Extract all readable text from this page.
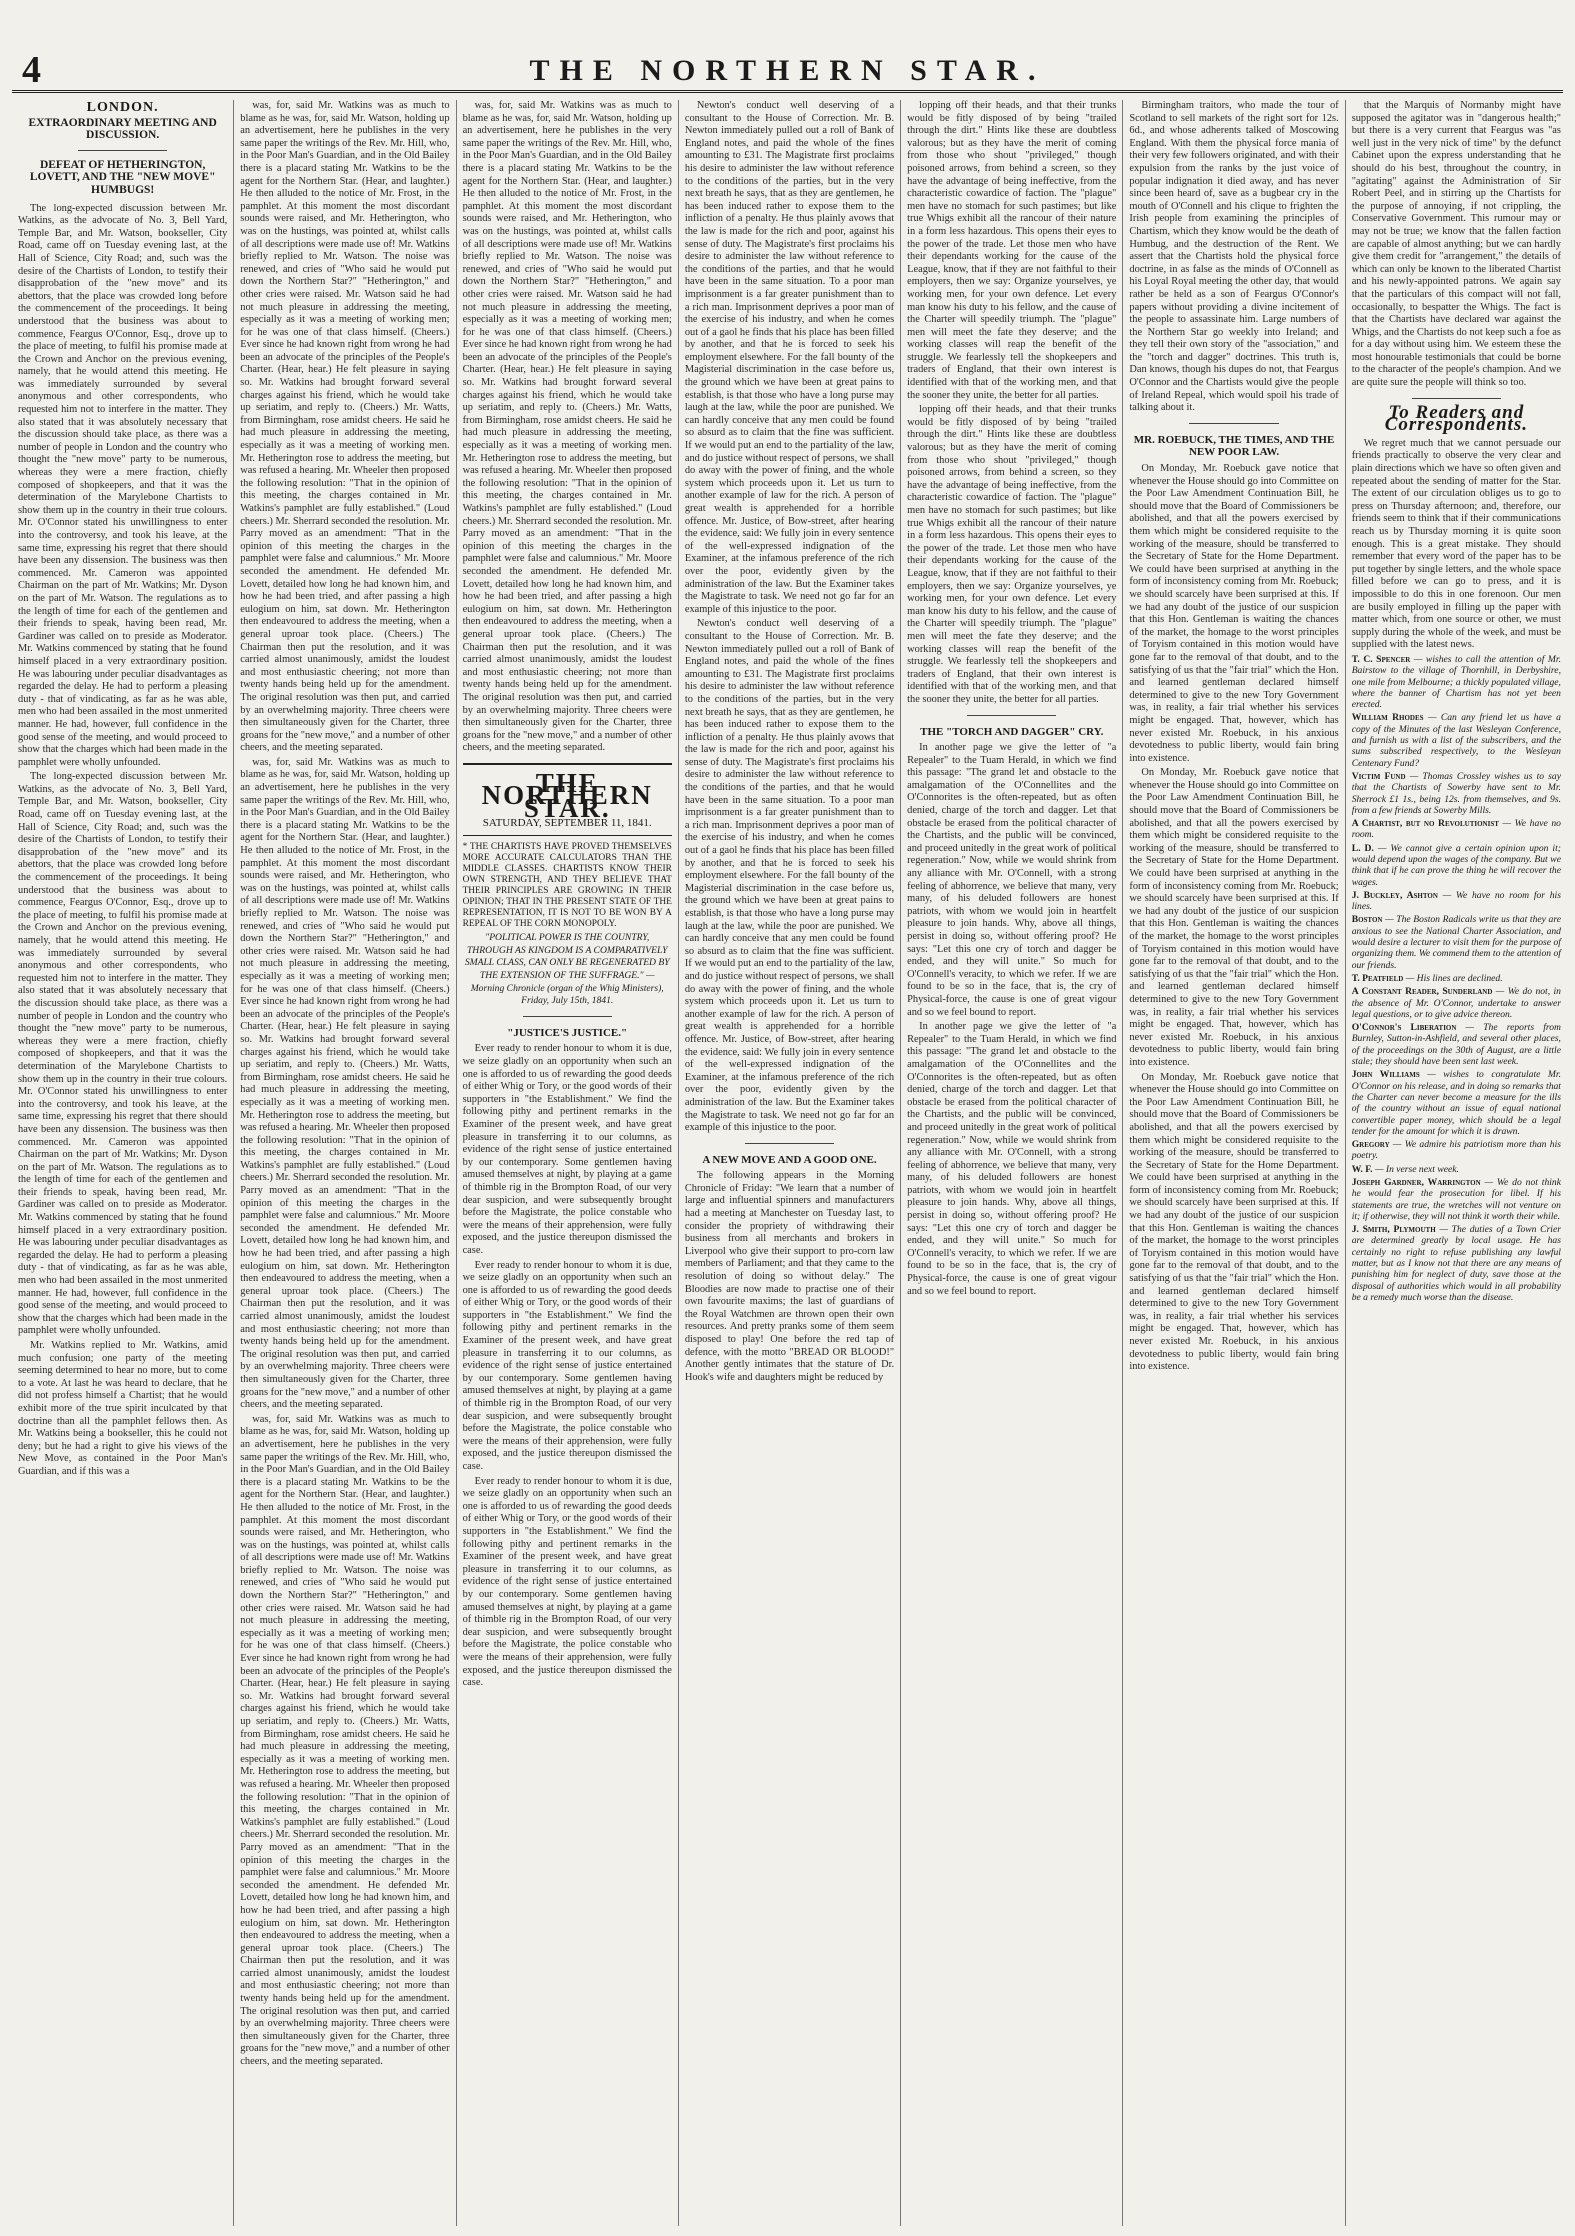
4	THE NORTHERN STAR.
LONDON.
EXTRAORDINARY MEETING AND DISCUSSION.
DEFEAT OF HETHERINGTON, LOVETT, AND THE "NEW MOVE" HUMBUGS!

The long-expected discussion between Mr. Watkins, as the advocate of No. 3, Bell Yard, Temple Bar, and Mr. Watson, bookseller, City Road, came off on Tuesday evening last, at the Hall of Science, City Road; and, such was the desire of the Chartists of London, to testify their disapprobation of the "new move" and its abettors, that the place was crowded long before the commencement of the proceedings. It being understood that the business was about to commence, Feargus O'Connor, Esq., drove up to the place of meeting, to fulfil his promise made at the Crown and Anchor on the previous evening, namely, that he would attend this meeting. He was immediately surrounded by several anonymous and other correspondents, who requested him not to interfere in the matter. They also stated that it was absolutely necessary that the discussion should take place, as there was a number of people in London and the country who thought the "new move" party to be numerous, whereas they were a mere fraction, chiefly composed of shopkeepers, and that it was the determination of the Marylebone Chartists to show them up in the country in their true colours. Mr. O'Connor stated his unwillingness to enter into the controversy, and took his leave, at the same time, expressing his regret that there should have been any dissension. The business was then commenced. Mr. Cameron was appointed Chairman on the part of Mr. Watkins; Mr. Dyson on the part of Mr. Watson. The regulations as to the length of time for each of the gentlemen and their friends to speak, having been read, Mr. Gardiner was called on to preside as Moderator. Mr. Watkins commenced by stating that he found himself placed in a very extraordinary position. He was labouring under peculiar disadvantages as regarded the delay. He had to perform a pleasing duty - that of vindicating, as far as he was able, men who had been assailed in the most unmerited manner. He had, however, full confidence in the good sense of the meeting, and would proceed to show that the charges which had been made in the pamphlet were wholly unfounded.

The long-expected discussion between Mr. Watkins, as the advocate of No. 3, Bell Yard, Temple Bar, and Mr. Watson, bookseller, City Road, came off on Tuesday evening last, at the Hall of Science, City Road; and, such was the desire of the Chartists of London, to testify their disapprobation of the "new move" and its abettors, that the place was crowded long before the commencement of the proceedings. It being understood that the business was about to commence, Feargus O'Connor, Esq., drove up to the place of meeting, to fulfil his promise made at the Crown and Anchor on the previous evening, namely, that he would attend this meeting. He was immediately surrounded by several anonymous and other correspondents, who requested him not to interfere in the matter. They also stated that it was absolutely necessary that the discussion should take place, as there was a number of people in London and the country who thought the "new move" party to be numerous, whereas they were a mere fraction, chiefly composed of shopkeepers, and that it was the determination of the Marylebone Chartists to show them up in the country in their true colours. Mr. O'Connor stated his unwillingness to enter into the controversy, and took his leave, at the same time, expressing his regret that there should have been any dissension. The business was then commenced. Mr. Cameron was appointed Chairman on the part of Mr. Watkins; Mr. Dyson on the part of Mr. Watson. The regulations as to the length of time for each of the gentlemen and their friends to speak, having been read, Mr. Gardiner was called on to preside as Moderator. Mr. Watkins commenced by stating that he found himself placed in a very extraordinary position. He was labouring under peculiar disadvantages as regarded the delay. He had to perform a pleasing duty - that of vindicating, as far as he was able, men who had been assailed in the most unmerited manner. He had, however, full confidence in the good sense of the meeting, and would proceed to show that the charges which had been made in the pamphlet were wholly unfounded.

Mr. Watkins replied to Mr. Watkins, amid much confusion; one party of the meeting seeming determined to hear no more, but to come to a vote. At last he was heard to declare, that he did not profess himself a Chartist; that he would exhibit more of the true spirit inculcated by that doctrine than all the pamphlet fellows then. As Mr. Watkins being a bookseller, this he could not deny; but he had a right to give his views of the New Move, as contained in the Poor Man's Guardian, and if this was a

was, for, said Mr. Watkins was as much to blame as he was, for, said Mr. Watson, holding up an advertisement, here he publishes in the very same paper the writings of the Rev. Mr. Hill, who, in the Poor Man's Guardian, and in the Old Bailey there is a placard stating Mr. Watkins to be the agent for the Northern Star. (Hear, and laughter.) He then alluded to the notice of Mr. Frost, in the pamphlet. At this moment the most discordant sounds were raised, and Mr. Hetherington, who was on the hustings, was pointed at, whilst calls of all descriptions were made use of! Mr. Watkins briefly replied to Mr. Watson. The noise was renewed, and cries of "Who said he would put down the Northern Star?" "Hetherington," and other cries were raised. Mr. Watson said he had not much pleasure in addressing the meeting, especially as it was a meeting of working men; for he was one of that class himself. (Cheers.) Ever since he had known right from wrong he had been an advocate of the principles of the People's Charter. (Hear, hear.) He felt pleasure in saying so. Mr. Watkins had brought forward several charges against his friend, which he would take up seriatim, and reply to. (Cheers.) Mr. Watts, from Birmingham, rose amidst cheers. He said he had much pleasure in addressing the meeting, especially as it was a meeting of working men. Mr. Hetherington rose to address the meeting, but was refused a hearing. Mr. Wheeler then proposed the following resolution: "That in the opinion of this meeting, the charges contained in Mr. Watkins's pamphlet are fully established." (Loud cheers.) Mr. Sherrard seconded the resolution. Mr. Parry moved as an amendment: "That in the opinion of this meeting the charges in the pamphlet were false and calumnious." Mr. Moore seconded the amendment. He defended Mr. Lovett, detailed how long he had known him, and how he had been tried, and after passing a high eulogium on him, sat down. Mr. Hetherington then endeavoured to address the meeting, when a general uproar took place. (Cheers.) The Chairman then put the resolution, and it was carried almost unanimously, amidst the loudest and most enthusiastic cheering; not more than twenty hands being held up for the amendment. The original resolution was then put, and carried by an overwhelming majority. Three cheers were then simultaneously given for the Charter, three groans for the "new move," and a number of other cheers, and the meeting separated.

was, for, said Mr. Watkins was as much to blame as he was, for, said Mr. Watson, holding up an advertisement, here he publishes in the very same paper the writings of the Rev. Mr. Hill, who, in the Poor Man's Guardian, and in the Old Bailey there is a placard stating Mr. Watkins to be the agent for the Northern Star. (Hear, and laughter.) He then alluded to the notice of Mr. Frost, in the pamphlet. At this moment the most discordant sounds were raised, and Mr. Hetherington, who was on the hustings, was pointed at, whilst calls of all descriptions were made use of! Mr. Watkins briefly replied to Mr. Watson. The noise was renewed, and cries of "Who said he would put down the Northern Star?" "Hetherington," and other cries were raised. Mr. Watson said he had not much pleasure in addressing the meeting, especially as it was a meeting of working men; for he was one of that class himself. (Cheers.) Ever since he had known right from wrong he had been an advocate of the principles of the People's Charter. (Hear, hear.) He felt pleasure in saying so. Mr. Watkins had brought forward several charges against his friend, which he would take up seriatim, and reply to. (Cheers.) Mr. Watts, from Birmingham, rose amidst cheers. He said he had much pleasure in addressing the meeting, especially as it was a meeting of working men. Mr. Hetherington rose to address the meeting, but was refused a hearing. Mr. Wheeler then proposed the following resolution: "That in the opinion of this meeting, the charges contained in Mr. Watkins's pamphlet are fully established." (Loud cheers.) Mr. Sherrard seconded the resolution. Mr. Parry moved as an amendment: "That in the opinion of this meeting the charges in the pamphlet were false and calumnious." Mr. Moore seconded the amendment. He defended Mr. Lovett, detailed how long he had known him, and how he had been tried, and after passing a high eulogium on him, sat down. Mr. Hetherington then endeavoured to address the meeting, when a general uproar took place. (Cheers.) The Chairman then put the resolution, and it was carried almost unanimously, amidst the loudest and most enthusiastic cheering; not more than twenty hands being held up for the amendment. The original resolution was then put, and carried by an overwhelming majority. Three cheers were then simultaneously given for the Charter, three groans for the "new move," and a number of other cheers, and the meeting separated.

was, for, said Mr. Watkins was as much to blame as he was, for, said Mr. Watson, holding up an advertisement, here he publishes in the very same paper the writings of the Rev. Mr. Hill, who, in the Poor Man's Guardian, and in the Old Bailey there is a placard stating Mr. Watkins to be the agent for the Northern Star. (Hear, and laughter.) He then alluded to the notice of Mr. Frost, in the pamphlet. At this moment the most discordant sounds were raised, and Mr. Hetherington, who was on the hustings, was pointed at, whilst calls of all descriptions were made use of! Mr. Watkins briefly replied to Mr. Watson. The noise was renewed, and cries of "Who said he would put down the Northern Star?" "Hetherington," and other cries were raised. Mr. Watson said he had not much pleasure in addressing the meeting, especially as it was a meeting of working men; for he was one of that class himself. (Cheers.) Ever since he had known right from wrong he had been an advocate of the principles of the People's Charter. (Hear, hear.) He felt pleasure in saying so. Mr. Watkins had brought forward several charges against his friend, which he would take up seriatim, and reply to. (Cheers.) Mr. Watts, from Birmingham, rose amidst cheers. He said he had much pleasure in addressing the meeting, especially as it was a meeting of working men. Mr. Hetherington rose to address the meeting, but was refused a hearing. Mr. Wheeler then proposed the following resolution: "That in the opinion of this meeting, the charges contained in Mr. Watkins's pamphlet are fully established." (Loud cheers.) Mr. Sherrard seconded the resolution. Mr. Parry moved as an amendment: "That in the opinion of this meeting the charges in the pamphlet were false and calumnious." Mr. Moore seconded the amendment. He defended Mr. Lovett, detailed how long he had known him, and how he had been tried, and after passing a high eulogium on him, sat down. Mr. Hetherington then endeavoured to address the meeting, when a general uproar took place. (Cheers.) The Chairman then put the resolution, and it was carried almost unanimously, amidst the loudest and most enthusiastic cheering; not more than twenty hands being held up for the amendment. The original resolution was then put, and carried by an overwhelming majority. Three cheers were then simultaneously given for the Charter, three groans for the "new move," and a number of other cheers, and the meeting separated.

was, for, said Mr. Watkins was as much to blame as he was, for, said Mr. Watson, holding up an advertisement, here he publishes in the very same paper the writings of the Rev. Mr. Hill, who, in the Poor Man's Guardian, and in the Old Bailey there is a placard stating Mr. Watkins to be the agent for the Northern Star. (Hear, and laughter.) He then alluded to the notice of Mr. Frost, in the pamphlet. At this moment the most discordant sounds were raised, and Mr. Hetherington, who was on the hustings, was pointed at, whilst calls of all descriptions were made use of! Mr. Watkins briefly replied to Mr. Watson. The noise was renewed, and cries of "Who said he would put down the Northern Star?" "Hetherington," and other cries were raised. Mr. Watson said he had not much pleasure in addressing the meeting, especially as it was a meeting of working men; for he was one of that class himself. (Cheers.) Ever since he had known right from wrong he had been an advocate of the principles of the People's Charter. (Hear, hear.) He felt pleasure in saying so. Mr. Watkins had brought forward several charges against his friend, which he would take up seriatim, and reply to. (Cheers.) Mr. Watts, from Birmingham, rose amidst cheers. He said he had much pleasure in addressing the meeting, especially as it was a meeting of working men. Mr. Hetherington rose to address the meeting, but was refused a hearing. Mr. Wheeler then proposed the following resolution: "That in the opinion of this meeting, the charges contained in Mr. Watkins's pamphlet are fully established." (Loud cheers.) Mr. Sherrard seconded the resolution. Mr. Parry moved as an amendment: "That in the opinion of this meeting the charges in the pamphlet were false and calumnious." Mr. Moore seconded the amendment. He defended Mr. Lovett, detailed how long he had known him, and how he had been tried, and after passing a high eulogium on him, sat down. Mr. Hetherington then endeavoured to address the meeting, when a general uproar took place. (Cheers.) The Chairman then put the resolution, and it was carried almost unanimously, amidst the loudest and most enthusiastic cheering; not more than twenty hands being held up for the amendment. The original resolution was then put, and carried by an overwhelming majority. Three cheers were then simultaneously given for the Charter, three groans for the "new move," and a number of other cheers, and the meeting separated.

THE NORTHERN STAR.
SATURDAY, SEPTEMBER 11, 1841.

* THE CHARTISTS HAVE PROVED THEMSELVES MORE ACCURATE CALCULATORS THAN THE MIDDLE CLASSES. CHARTISTS KNOW THEIR OWN STRENGTH, AND THEY BELIEVE THAT THEIR PRINCIPLES ARE GROWING IN THEIR OPINION; THAT IN THE PRESENT STATE OF THE REPRESENTATION, IT IS NOT TO BE WON BY A REPEAL OF THE CORN MONOPOLY.

"POLITICAL POWER IS THE COUNTRY, THROUGH AS KINGDOM IS A COMPARATIVELY SMALL CLASS, CAN ONLY BE REGENERATED BY THE EXTENSION OF THE SUFFRAGE." — Morning Chronicle (organ of the Whig Ministers), Friday, July 15th, 1841.

"JUSTICE'S JUSTICE."

Ever ready to render honour to whom it is due, we seize gladly on an opportunity when such an one is afforded to us of rewarding the good deeds of either Whig or Tory, or the good words of their supporters in "the Establishment." We find the following pithy and pertinent remarks in the Examiner of the present week, and have great pleasure in transferring it to our columns, as evidence of the right sense of justice entertained by our contemporary. Some gentlemen having amused themselves at night, by playing at a game of thimble rig in the Brompton Road, of our very dear suspicion, and were subsequently brought before the Magistrate, the police constable who were the means of their apprehension, were fully exposed, and the justice thereupon dismissed the case.

Ever ready to render honour to whom it is due, we seize gladly on an opportunity when such an one is afforded to us of rewarding the good deeds of either Whig or Tory, or the good words of their supporters in "the Establishment." We find the following pithy and pertinent remarks in the Examiner of the present week, and have great pleasure in transferring it to our columns, as evidence of the right sense of justice entertained by our contemporary. Some gentlemen having amused themselves at night, by playing at a game of thimble rig in the Brompton Road, of our very dear suspicion, and were subsequently brought before the Magistrate, the police constable who were the means of their apprehension, were fully exposed, and the justice thereupon dismissed the case.

Ever ready to render honour to whom it is due, we seize gladly on an opportunity when such an one is afforded to us of rewarding the good deeds of either Whig or Tory, or the good words of their supporters in "the Establishment." We find the following pithy and pertinent remarks in the Examiner of the present week, and have great pleasure in transferring it to our columns, as evidence of the right sense of justice entertained by our contemporary. Some gentlemen having amused themselves at night, by playing at a game of thimble rig in the Brompton Road, of our very dear suspicion, and were subsequently brought before the Magistrate, the police constable who were the means of their apprehension, were fully exposed, and the justice thereupon dismissed the case.

Newton's conduct well deserving of a consultant to the House of Correction. Mr. B. Newton immediately pulled out a roll of Bank of England notes, and paid the whole of the fines amounting to £31. The Magistrate first proclaims his desire to administer the law without reference to the conditions of the parties, but in the very next breath he says, that as they are gentlemen, he has been induced rather to expose them to the infliction of a penalty. He thus plainly avows that the law is made for the rich and poor, against his sense of duty. The Magistrate's first proclaims his desire to administer the law without reference to the conditions of the parties, and that he would have been in the same situation. To a poor man imprisonment is a far greater punishment than to a rich man. Imprisonment deprives a poor man of the exercise of his industry, and when he comes out of a gaol he finds that his place has been filled by another, and that he is forced to seek his employment elsewhere. For the fall bounty of the Magisterial discrimination in the case before us, the ground which we have been at great pains to establish, is that those who have a long purse may laugh at the law, while the poor are punished. We can hardly conceive that any men could be found so absurd as to claim that the fine was sufficient. If we would put an end to the partiality of the law, and do justice without respect of persons, we shall do away with the power of fining, and the whole system which proceeds upon it. Let us turn to another example of law for the rich. A person of great wealth is apprehended for a horrible offence. Mr. Justice, of Bow-street, after hearing the evidence, said: We fully join in every sentence of the well-expressed indignation of the Examiner, at the infamous preference of the rich over the poor, evidently given by the administration of the law. But the Examiner takes the Magistrate to task. We need not go far for an example of this injustice to the poor.

Newton's conduct well deserving of a consultant to the House of Correction. Mr. B. Newton immediately pulled out a roll of Bank of England notes, and paid the whole of the fines amounting to £31. The Magistrate first proclaims his desire to administer the law without reference to the conditions of the parties, but in the very next breath he says, that as they are gentlemen, he has been induced rather to expose them to the infliction of a penalty. He thus plainly avows that the law is made for the rich and poor, against his sense of duty. The Magistrate's first proclaims his desire to administer the law without reference to the conditions of the parties, and that he would have been in the same situation. To a poor man imprisonment is a far greater punishment than to a rich man. Imprisonment deprives a poor man of the exercise of his industry, and when he comes out of a gaol he finds that his place has been filled by another, and that he is forced to seek his employment elsewhere. For the fall bounty of the Magisterial discrimination in the case before us, the ground which we have been at great pains to establish, is that those who have a long purse may laugh at the law, while the poor are punished. We can hardly conceive that any men could be found so absurd as to claim that the fine was sufficient. If we would put an end to the partiality of the law, and do justice without respect of persons, we shall do away with the power of fining, and the whole system which proceeds upon it. Let us turn to another example of law for the rich. A person of great wealth is apprehended for a horrible offence. Mr. Justice, of Bow-street, after hearing the evidence, said: We fully join in every sentence of the well-expressed indignation of the Examiner, at the infamous preference of the rich over the poor, evidently given by the administration of the law. But the Examiner takes the Magistrate to task. We need not go far for an example of this injustice to the poor.

A NEW MOVE AND A GOOD ONE.

The following appears in the Morning Chronicle of Friday: "We learn that a number of large and influential spinners and manufacturers had a meeting at Manchester on Tuesday last, to consider the propriety of withdrawing their business from all merchants and brokers in Liverpool who give their support to pro-corn law members of Parliament; and that they came to the resolution of doing so without delay." The Bloodies are now made to practise one of their own favourite maxims; the last of guardians of the Royal Watchmen are thrown open their own resources. And pretty pranks some of them seem disposed to play! One before the red tap of defence, with the motto "BREAD OR BLOOD!" Another gently intimates that the stature of Dr. Hook's wife and daughters might be reduced by

lopping off their heads, and that their trunks would be fitly disposed of by being "trailed through the dirt." Hints like these are doubtless valorous; but as they have the merit of coming from those who shout "privileged," though poisoned arrows, from behind a screen, so they have the advantage of being ineffective, from the characteristic cowardice of faction. The "plague" men have no stomach for such pastimes; but like true Whigs exhibit all the rancour of their nature in a form less hazardous. This opens their eyes to the power of the trade. Let those men who have their dependants working for the cause of the League, know, that if they are not faithful to their employers, then we say: Organize yourselves, ye working men, for your own defence. Let every man know his duty to his fellow, and the cause of the Charter will speedily triumph. The "plague" men will meet the fate they deserve; and the working classes will reap the benefit of the struggle. We fearlessly tell the shopkeepers and traders of England, that their own interest is identified with that of the working men, and that the sooner they unite, the better for all parties.

lopping off their heads, and that their trunks would be fitly disposed of by being "trailed through the dirt." Hints like these are doubtless valorous; but as they have the merit of coming from those who shout "privileged," though poisoned arrows, from behind a screen, so they have the advantage of being ineffective, from the characteristic cowardice of faction. The "plague" men have no stomach for such pastimes; but like true Whigs exhibit all the rancour of their nature in a form less hazardous. This opens their eyes to the power of the trade. Let those men who have their dependants working for the cause of the League, know, that if they are not faithful to their employers, then we say: Organize yourselves, ye working men, for your own defence. Let every man know his duty to his fellow, and the cause of the Charter will speedily triumph. The "plague" men will meet the fate they deserve; and the working classes will reap the benefit of the struggle. We fearlessly tell the shopkeepers and traders of England, that their own interest is identified with that of the working men, and that the sooner they unite, the better for all parties.

THE "TORCH AND DAGGER" CRY.

In another page we give the letter of "a Repealer" to the Tuam Herald, in which we find this passage: "The grand let and obstacle to the amalgamation of the O'Connellites and the O'Connorites is the often-repeated, but as often denied, charge of the torch and dagger. Let that obstacle be erased from the political character of the Chartists, and the public will be convinced, and proceed unitedly in the great work of political regeneration." Now, while we would shrink from any alliance with Mr. O'Connell, with a strong feeling of abhorrence, we believe that many, very many, of his deluded followers are honest patriots, with whom we would join in heartfelt pleasure to join hands. Why, above all things, persist in doing so, without offering proof? He says: "Let this one cry of torch and dagger be ended, and they will unite." So much for O'Connell's veracity, to which we refer. If we are found to be so in the face, that is, the cry of Physical-force, the cause is one of great vigour and so we feel bound to report.

In another page we give the letter of "a Repealer" to the Tuam Herald, in which we find this passage: "The grand let and obstacle to the amalgamation of the O'Connellites and the O'Connorites is the often-repeated, but as often denied, charge of the torch and dagger. Let that obstacle be erased from the political character of the Chartists, and the public will be convinced, and proceed unitedly in the great work of political regeneration." Now, while we would shrink from any alliance with Mr. O'Connell, with a strong feeling of abhorrence, we believe that many, very many, of his deluded followers are honest patriots, with whom we would join in heartfelt pleasure to join hands. Why, above all things, persist in doing so, without offering proof? He says: "Let this one cry of torch and dagger be ended, and they will unite." So much for O'Connell's veracity, to which we refer. If we are found to be so in the face, that is, the cry of Physical-force, the cause is one of great vigour and so we feel bound to report.

Birmingham traitors, who made the tour of Scotland to sell markets of the right sort for 12s. 6d., and whose adherents talked of Moscowing England. With them the physical force mania of their very few followers originated, and with their expulsion from the ranks by the just voice of popular indignation it died away, and has never since been heard of, save as a bugbear cry in the mouth of O'Connell and his clique to frighten the Irish people from examining the principles of Chartism, which they know would be the death of Humbug, and the destruction of the Rent. We assert that the Chartists hold the physical force doctrine, in as false as the minds of O'Connell as his Loyal Royal meeting the other day, that would rather be held as a son of Feargus O'Connor's papers without providing a divine incitement of the people to assassinate him. Large numbers of the Northern Star go weekly into Ireland; and they tell their own story of the "association," and the "torch and dagger" doctrines. This truth is, Dan knows, though his dupes do not, that Feargus O'Connor and the Chartists would give the people of Ireland Repeal, which would spoil his trade of talking about it.

MR. ROEBUCK, THE TIMES, AND THE NEW POOR LAW.

On Monday, Mr. Roebuck gave notice that whenever the House should go into Committee on the Poor Law Amendment Continuation Bill, he should move that the Board of Commissioners be abolished, and that all the powers exercised by them which might be considered requisite to the working of the measure, should be transferred to the Secretary of State for the Home Department. We could have been surprised at anything in the form of inconsistency coming from Mr. Roebuck; we should scarcely have been surprised at this. If we had any doubt of the justice of our suspicion that this Hon. Gentleman is waiting the chances of the market, the homage to the worst principles of Toryism contained in this motion would have gone far to the removal of that doubt, and to the satisfying of us that the "fair trial" which the Hon. and learned gentleman declared himself determined to give to the new Tory Government was, in reality, a fair trial whether his services might be engaged. That, however, which has never existed Mr. Roebuck, in his anxious devotedness to public liberty, would fain bring into existence.

On Monday, Mr. Roebuck gave notice that whenever the House should go into Committee on the Poor Law Amendment Continuation Bill, he should move that the Board of Commissioners be abolished, and that all the powers exercised by them which might be considered requisite to the working of the measure, should be transferred to the Secretary of State for the Home Department. We could have been surprised at anything in the form of inconsistency coming from Mr. Roebuck; we should scarcely have been surprised at this. If we had any doubt of the justice of our suspicion that this Hon. Gentleman is waiting the chances of the market, the homage to the worst principles of Toryism contained in this motion would have gone far to the removal of that doubt, and to the satisfying of us that the "fair trial" which the Hon. and learned gentleman declared himself determined to give to the new Tory Government was, in reality, a fair trial whether his services might be engaged. That, however, which has never existed Mr. Roebuck, in his anxious devotedness to public liberty, would fain bring into existence.

On Monday, Mr. Roebuck gave notice that whenever the House should go into Committee on the Poor Law Amendment Continuation Bill, he should move that the Board of Commissioners be abolished, and that all the powers exercised by them which might be considered requisite to the working of the measure, should be transferred to the Secretary of State for the Home Department. We could have been surprised at anything in the form of inconsistency coming from Mr. Roebuck; we should scarcely have been surprised at this. If we had any doubt of the justice of our suspicion that this Hon. Gentleman is waiting the chances of the market, the homage to the worst principles of Toryism contained in this motion would have gone far to the removal of that doubt, and to the satisfying of us that the "fair trial" which the Hon. and learned gentleman declared himself determined to give to the new Tory Government was, in reality, a fair trial whether his services might be engaged. That, however, which has never existed Mr. Roebuck, in his anxious devotedness to public liberty, would fain bring into existence.

that the Marquis of Normanby might have supposed the agitator was in "dangerous health;" but there is a very current that Feargus was "as well just in the very nick of time" by the defunct Cabinet upon the express understanding that he should do his best, throughout the country, in "agitating" against the Administration of Sir Robert Peel, and in stirring up the Chartists for the purpose of annoying, if not crippling, the Conservative Government. This rumour may or may not be true; we know that the fallen faction are capable of almost anything; but we can hardly give them credit for "arrangement," the details of which can only be known to the liberated Chartist and his newly-appointed patrons. We again say that the particulars of this compact will not fall, occasionally, to bespatter the Whigs. The fact is that the Chartists have declared war against the Whigs, and the Chartists do not keep such a foe as for a day without using him. We esteem these the most honourable testimonials that could be borne to the character of the people's champion. And we are quite sure the people will think so too.

To Readers and Correspondents.

We regret much that we cannot persuade our friends practically to observe the very clear and plain directions which we have so often given and repeated about the sending of matter for the Star. The extent of our circulation obliges us to go to press on Thursday afternoon; and, therefore, our friends seem to think that if their communications reach us by Thursday morning it is quite soon enough. This is a great mistake. They should remember that every word of the paper has to be put together by single letters, and the whole space filled before we can go to press, and it is impossible to do this in one forenoon. Our men are busily employed in filling up the paper with matter which, from one source or other, we must supply during the whole of the week, and must be supplied with the latest news.

T. C. Spencer — wishes to call the attention of Mr. Bairstow to the village of Thornhill, in Derbyshire, one mile from Melbourne; a thickly populated village, where the banner of Chartism has not yet been erected.

William Rhodes — Can any friend let us have a copy of the Minutes of the last Wesleyan Conference, and furnish us with a list of the subscribers, and the sums subscribed respectively, to the Wesleyan Centenary Fund?

Victim Fund — Thomas Crossley wishes us to say that the Chartists of Sowerby have sent to Mr. Sherrock £1 1s., being 12s. from themselves, and 9s. from a few friends at Sowerby Mills.

A Chartist, but no Revolutionist — We have no room.

L. D. — We cannot give a certain opinion upon it; would depend upon the wages of the company. But we think that if he can prove the thing he will recover the wages.

J. Buckley, Ashton — We have no room for his lines.

Boston — The Boston Radicals write us that they are anxious to see the National Charter Association, and would desire a lecturer to visit them for the purpose of organizing them. We commend them to the attention of our friends.

T. Peatfield — His lines are declined.

A Constant Reader, Sunderland — We do not, in the absence of Mr. O'Connor, undertake to answer legal questions, or to give advice thereon.

O'Connor's Liberation — The reports from Burnley, Sutton-in-Ashfield, and several other places, of the proceedings on the 30th of August, are a little stale; they should have been sent last week.

John Williams — wishes to congratulate Mr. O'Connor on his release, and in doing so remarks that the Charter can never become a measure for the ills of the country without an issue of equal national convertible paper money, which should be a legal tender for the amount for which it is drawn.

Gregory — We admire his patriotism more than his poetry.

W. F. — In verse next week.

Joseph Gardner, Warrington — We do not think he would fear the prosecution for libel. If his statements are true, the wretches will not venture on it; if otherwise, they will not think it worth their while.

J. Smith, Plymouth — The duties of a Town Crier are determined greatly by local usage. He has certainly no right to refuse publishing any lawful matter, but as I know not that there are any means of punishing him for neglect of duty, save those at the disposal of authorities which would in all probability be a remedy much worse than the disease.
